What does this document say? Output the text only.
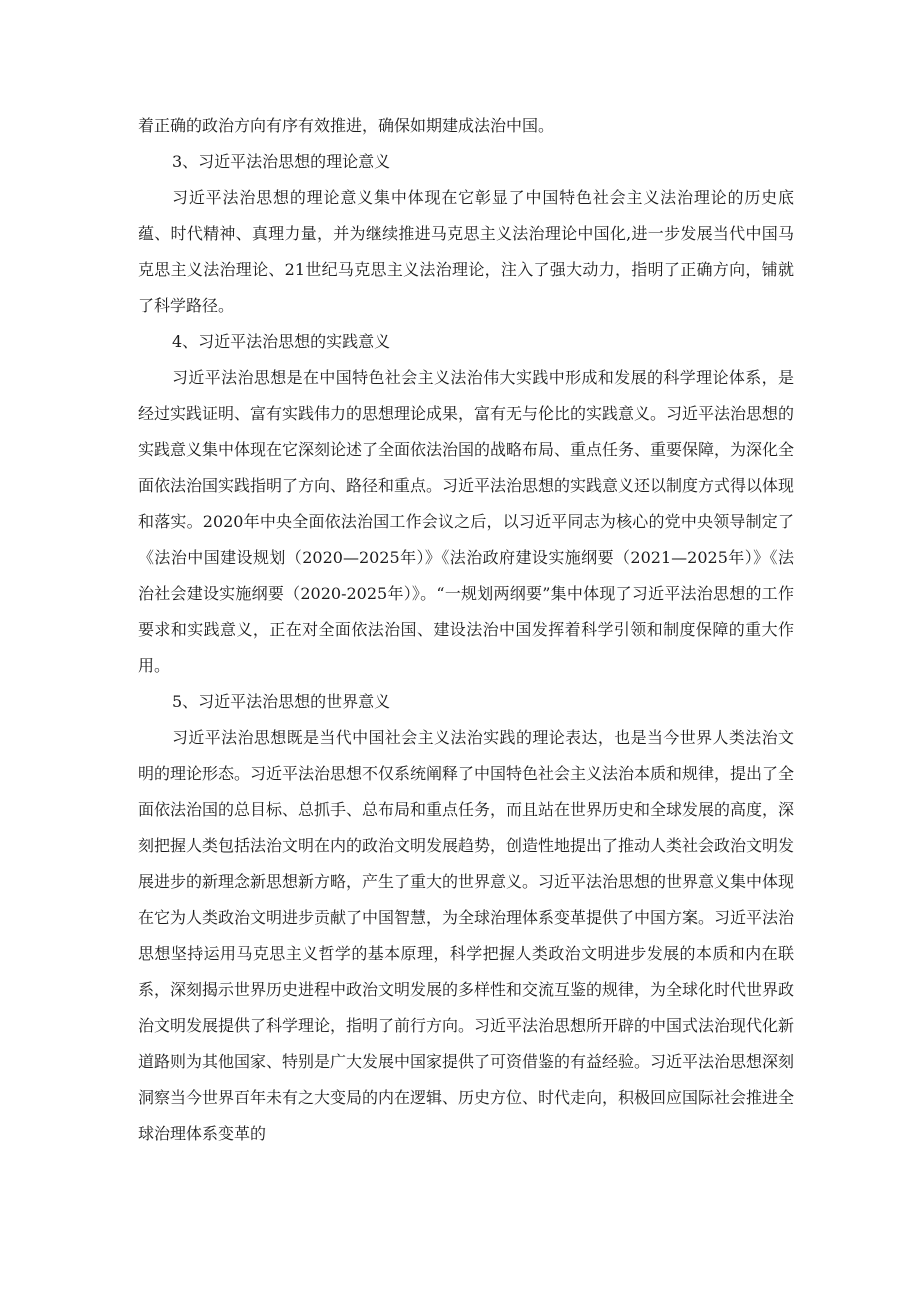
着正确的政治方向有序有效推进，确保如期建成法治中国。

3、习近平法治思想的理论意义

习近平法治思想的理论意义集中体现在它彰显了中国特色社会主义法治理论的历史底蕴、时代精神、真理力量，并为继续推进马克思主义法治理论中国化,进一步发展当代中国马克思主义法治理论、21世纪马克思主义法治理论，注入了强大动力，指明了正确方向，铺就了科学路径。

4、习近平法治思想的实践意义

习近平法治思想是在中国特色社会主义法治伟大实践中形成和发展的科学理论体系，是经过实践证明、富有实践伟力的思想理论成果，富有无与伦比的实践意义。习近平法治思想的实践意义集中体现在它深刻论述了全面依法治国的战略布局、重点任务、重要保障，为深化全面依法治国实践指明了方向、路径和重点。习近平法治思想的实践意义还以制度方式得以体现和落实。2020年中央全面依法治国工作会议之后，以习近平同志为核心的党中央领导制定了《法治中国建设规划（2020—2025年）》《法治政府建设实施纲要（2021—2025年）》《法治社会建设实施纲要（2020-2025年）》。“一规划两纲要”集中体现了习近平法治思想的工作要求和实践意义，正在对全面依法治国、建设法治中国发挥着科学引领和制度保障的重大作用。

5、习近平法治思想的世界意义

习近平法治思想既是当代中国社会主义法治实践的理论表达，也是当今世界人类法治文明的理论形态。习近平法治思想不仅系统阐释了中国特色社会主义法治本质和规律，提出了全面依法治国的总目标、总抓手、总布局和重点任务，而且站在世界历史和全球发展的高度，深刻把握人类包括法治文明在内的政治文明发展趋势，创造性地提出了推动人类社会政治文明发展进步的新理念新思想新方略，产生了重大的世界意义。习近平法治思想的世界意义集中体现在它为人类政治文明进步贡献了中国智慧，为全球治理体系变革提供了中国方案。习近平法治思想坚持运用马克思主义哲学的基本原理，科学把握人类政治文明进步发展的本质和内在联系，深刻揭示世界历史进程中政治文明发展的多样性和交流互鉴的规律，为全球化时代世界政治文明发展提供了科学理论，指明了前行方向。习近平法治思想所开辟的中国式法治现代化新道路则为其他国家、特别是广大发展中国家提供了可资借鉴的有益经验。习近平法治思想深刻洞察当今世界百年未有之大变局的内在逻辑、历史方位、时代走向，积极回应国际社会推进全球治理体系变革的
